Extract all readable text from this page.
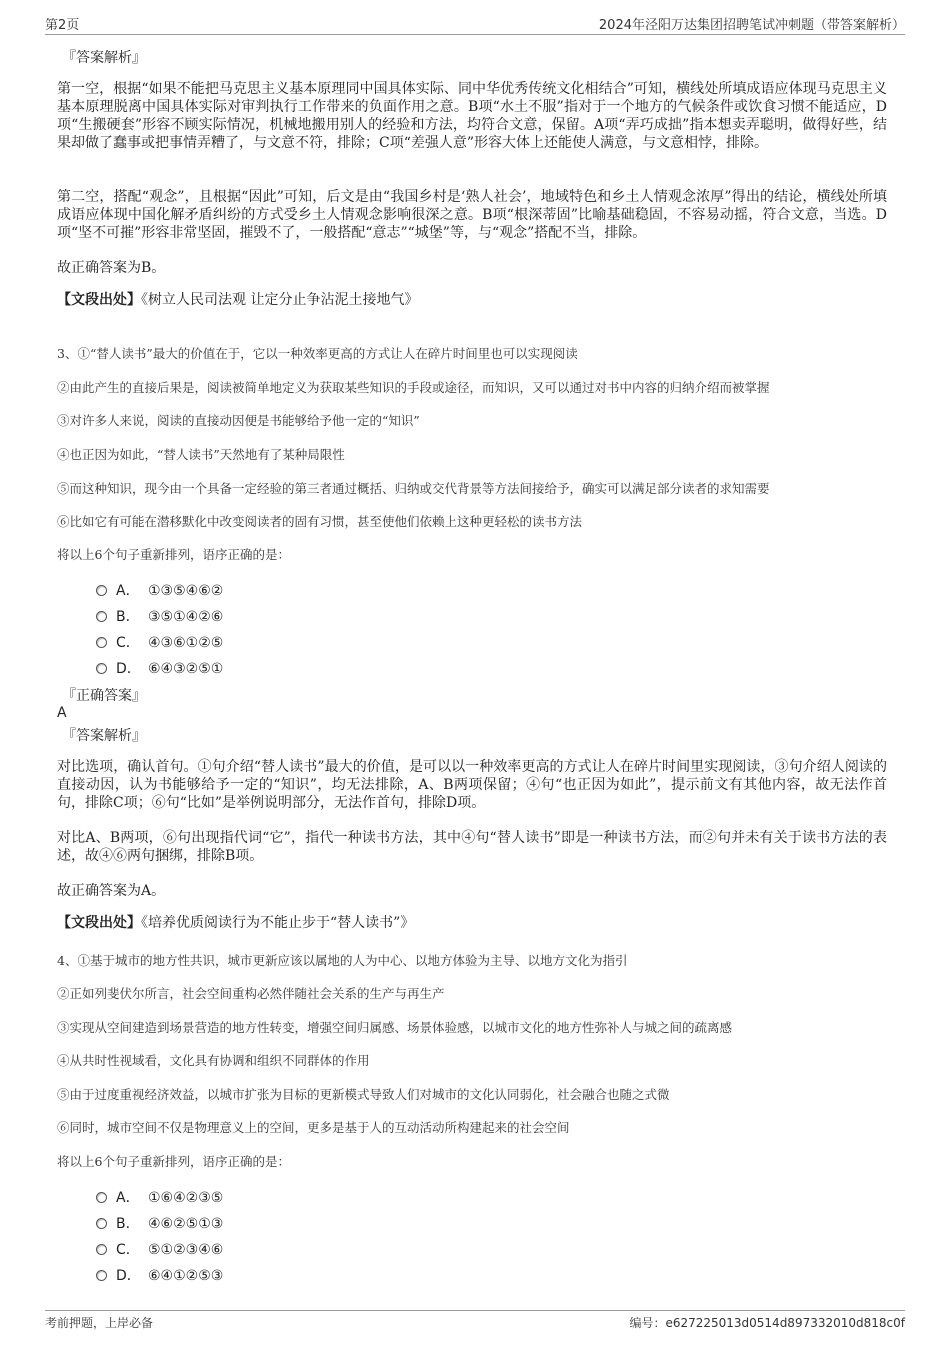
第2页	2024年泾阳万达集团招聘笔试冲刺题（带答案解析）
『答案解析』
第一空，根据“如果不能把马克思主义基本原理同中国具体实际、同中华优秀传统文化相结合”可知，横线处所填成语应体现马克思主义基本原理脱离中国具体实际对审判执行工作带来的负面作用之意。B项“水土不服”指对于一个地方的气候条件或饮食习惯不能适应，D项“生搬硬套”形容不顾实际情况，机械地搬用别人的经验和方法，均符合文意，保留。A项“弄巧成拙”指本想卖弄聪明，做得好些，结果却做了蠢事或把事情弄糟了，与文意不符，排除；C项“差强人意”形容大体上还能使人满意，与文意相悖，排除。
第二空，搭配“观念”，且根据“因此”可知，后文是由“我国乡村是‘熟人社会’，地域特色和乡土人情观念浓厚”得出的结论，横线处所填成语应体现中国化解矛盾纠纷的方式受乡土人情观念影响很深之意。B项“根深蒂固”比喻基础稳固，不容易动摇，符合文意，当选。D项“坚不可摧”形容非常坚固，摧毁不了，一般搭配“意志”“城堡”等，与“观念”搭配不当，排除。
故正确答案为B。
【文段出处】《树立人民司法观 让定分止争沾泥土接地气》
3、①“替人读书”最大的价值在于，它以一种效率更高的方式让人在碎片时间里也可以实现阅读
②由此产生的直接后果是，阅读被简单地定义为获取某些知识的手段或途径，而知识，又可以通过对书中内容的归纳介绍而被掌握
③对许多人来说，阅读的直接动因便是书能够给予他一定的“知识”
④也正因为如此，“替人读书”天然地有了某种局限性
⑤而这种知识，现今由一个具备一定经验的第三者通过概括、归纳或交代背景等方法间接给予，确实可以满足部分读者的求知需要
⑥比如它有可能在潜移默化中改变阅读者的固有习惯，甚至使他们依赖上这种更轻松的读书方法
将以上6个句子重新排列，语序正确的是：
A． ①③⑤④⑥②
B． ③⑤①④②⑥
C． ④③⑥①②⑤
D． ⑥④③②⑤①
『正确答案』
A
『答案解析』
对比选项，确认首句。①句介绍“替人读书”最大的价值，是可以以一种效率更高的方式让人在碎片时间里实现阅读，③句介绍人阅读的直接动因，认为书能够给予一定的“知识”，均无法排除，A、B两项保留；④句“也正因为如此”，提示前文有其他内容，故无法作首句，排除C项；⑥句“比如”是举例说明部分，无法作首句，排除D项。
对比A、B两项，⑥句出现指代词“它”，指代一种读书方法，其中④句“替人读书”即是一种读书方法，而②句并未有关于读书方法的表述，故④⑥两句捆绑，排除B项。
故正确答案为A。
【文段出处】《培养优质阅读行为不能止步于“替人读书”》
4、①基于城市的地方性共识，城市更新应该以属地的人为中心、以地方体验为主导、以地方文化为指引
②正如列斐伏尔所言，社会空间重构必然伴随社会关系的生产与再生产
③实现从空间建造到场景营造的地方性转变，增强空间归属感、场景体验感，以城市文化的地方性弥补人与城之间的疏离感
④从共时性视域看，文化具有协调和组织不同群体的作用
⑤由于过度重视经济效益，以城市扩张为目标的更新模式导致人们对城市的文化认同弱化，社会融合也随之式微
⑥同时，城市空间不仅是物理意义上的空间，更多是基于人的互动活动所构建起来的社会空间
将以上6个句子重新排列，语序正确的是：
A． ①⑥④②③⑤
B． ④⑥②⑤①③
C． ⑤①②③④⑥
D． ⑥④①②⑤③
考前押题，上岸必备	编号：e627225013d0514d897332010d818c0f
